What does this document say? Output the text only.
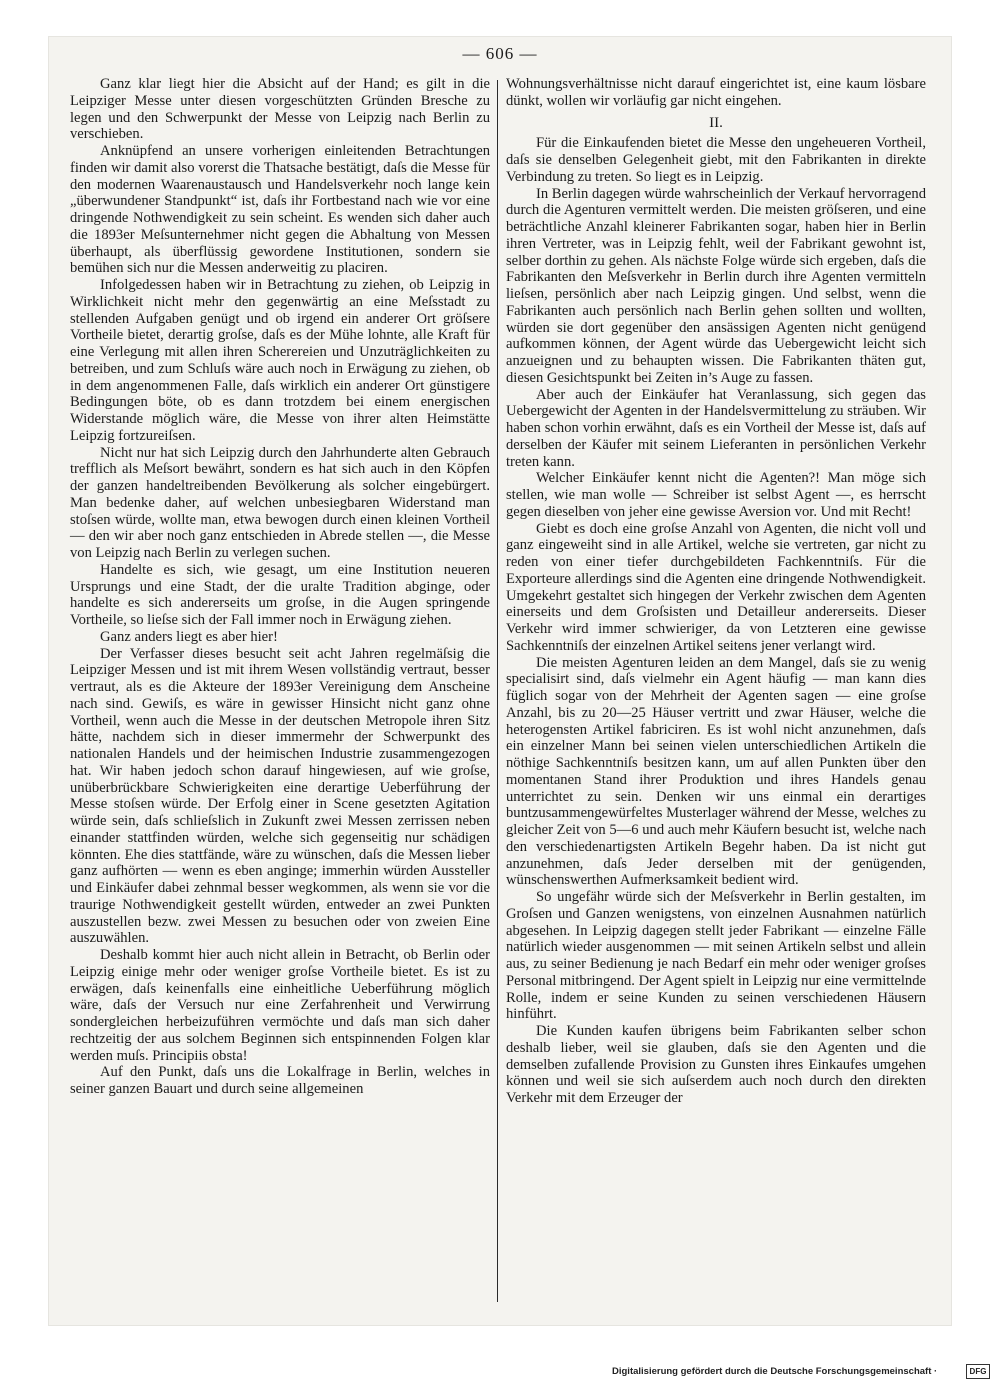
— 606 —

Ganz klar liegt hier die Absicht auf der Hand; es gilt in die Leipziger Messe unter diesen vorgeschützten Gründen Bresche zu legen und den Schwerpunkt der Messe von Leipzig nach Berlin zu verschieben.

Anknüpfend an unsere vorherigen einleitenden Betrachtungen finden wir damit also vorerst die Thatsache bestätigt, daſs die Messe für den modernen Waarenaustausch und Handelsverkehr noch lange kein „überwundener Standpunkt“ ist, daſs ihr Fortbestand nach wie vor eine dringende Nothwendigkeit zu sein scheint. Es wenden sich daher auch die 1893er Meſsunternehmer nicht gegen die Abhaltung von Messen überhaupt, als überflüssig gewordene Institutionen, sondern sie bemühen sich nur die Messen anderweitig zu placiren.

Infolgedessen haben wir in Betrachtung zu ziehen, ob Leipzig in Wirklichkeit nicht mehr den gegenwärtig an eine Meſsstadt zu stellenden Aufgaben genügt und ob irgend ein anderer Ort gröſsere Vortheile bietet, derartig groſse, daſs es der Mühe lohnte, alle Kraft für eine Verlegung mit allen ihren Scherereien und Unzuträglichkeiten zu betreiben, und zum Schluſs wäre auch noch in Erwägung zu ziehen, ob in dem angenommenen Falle, daſs wirklich ein anderer Ort günstigere Bedingungen böte, ob es dann trotzdem bei einem energischen Widerstande möglich wäre, die Messe von ihrer alten Heimstätte Leipzig fortzureiſsen.

Nicht nur hat sich Leipzig durch den Jahrhunderte alten Gebrauch trefflich als Meſsort bewährt, sondern es hat sich auch in den Köpfen der ganzen handeltreibenden Bevölkerung als solcher eingebürgert. Man bedenke daher, auf welchen unbesiegbaren Widerstand man stoſsen würde, wollte man, etwa bewogen durch einen kleinen Vortheil — den wir aber noch ganz entschieden in Abrede stellen —, die Messe von Leipzig nach Berlin zu verlegen suchen.

Handelte es sich, wie gesagt, um eine Institution neueren Ursprungs und eine Stadt, der die uralte Tradition abginge, oder handelte es sich andererseits um groſse, in die Augen springende Vortheile, so lieſse sich der Fall immer noch in Erwägung ziehen.

Ganz anders liegt es aber hier!

Der Verfasser dieses besucht seit acht Jahren regelmäſsig die Leipziger Messen und ist mit ihrem Wesen vollständig vertraut, besser vertraut, als es die Akteure der 1893er Vereinigung dem Anscheine nach sind. Gewiſs, es wäre in gewisser Hinsicht nicht ganz ohne Vortheil, wenn auch die Messe in der deutschen Metropole ihren Sitz hätte, nachdem sich in dieser immermehr der Schwerpunkt des nationalen Handels und der heimischen Industrie zusammengezogen hat. Wir haben jedoch schon darauf hingewiesen, auf wie groſse, unüberbrückbare Schwierigkeiten eine derartige Ueberführung der Messe stoſsen würde. Der Erfolg einer in Scene gesetzten Agitation würde sein, daſs schlieſslich in Zukunft zwei Messen zerrissen neben einander stattfinden würden, welche sich gegenseitig nur schädigen könnten. Ehe dies stattfände, wäre zu wünschen, daſs die Messen lieber ganz aufhörten — wenn es eben anginge; immerhin würden Aussteller und Einkäufer dabei zehnmal besser wegkommen, als wenn sie vor die traurige Nothwendigkeit gestellt würden, entweder an zwei Punkten auszustellen bezw. zwei Messen zu besuchen oder von zweien Eine auszuwählen.

Deshalb kommt hier auch nicht allein in Betracht, ob Berlin oder Leipzig einige mehr oder weniger groſse Vortheile bietet. Es ist zu erwägen, daſs keinenfalls eine einheitliche Ueberführung möglich wäre, daſs der Versuch nur eine Zerfahrenheit und Verwirrung sondergleichen herbeizuführen vermöchte und daſs man sich daher rechtzeitig der aus solchem Beginnen sich entspinnenden Folgen klar werden muſs. Principiis obsta!

Auf den Punkt, daſs uns die Lokalfrage in Berlin, welches in seiner ganzen Bauart und durch seine allgemeinen

Wohnungsverhältnisse nicht darauf eingerichtet ist, eine kaum lösbare dünkt, wollen wir vorläufig gar nicht eingehen.

II.

Für die Einkaufenden bietet die Messe den ungeheueren Vortheil, daſs sie denselben Gelegenheit giebt, mit den Fabrikanten in direkte Verbindung zu treten. So liegt es in Leipzig.

In Berlin dagegen würde wahrscheinlich der Verkauf hervorragend durch die Agenturen vermittelt werden. Die meisten gröſseren, und eine beträchtliche Anzahl kleinerer Fabrikanten sogar, haben hier in Berlin ihren Vertreter, was in Leipzig fehlt, weil der Fabrikant gewohnt ist, selber dorthin zu gehen. Als nächste Folge würde sich ergeben, daſs die Fabrikanten den Meſsverkehr in Berlin durch ihre Agenten vermitteln lieſsen, persönlich aber nach Leipzig gingen. Und selbst, wenn die Fabrikanten auch persönlich nach Berlin gehen sollten und wollten, würden sie dort gegenüber den ansässigen Agenten nicht genügend aufkommen können, der Agent würde das Uebergewicht leicht sich anzueignen und zu behaupten wissen. Die Fabrikanten thäten gut, diesen Gesichtspunkt bei Zeiten in’s Auge zu fassen.

Aber auch der Einkäufer hat Veranlassung, sich gegen das Uebergewicht der Agenten in der Handelsvermittelung zu sträuben. Wir haben schon vorhin erwähnt, daſs es ein Vortheil der Messe ist, daſs auf derselben der Käufer mit seinem Lieferanten in persönlichen Verkehr treten kann.

Welcher Einkäufer kennt nicht die Agenten?! Man möge sich stellen, wie man wolle — Schreiber ist selbst Agent —, es herrscht gegen dieselben von jeher eine gewisse Aversion vor. Und mit Recht!

Giebt es doch eine groſse Anzahl von Agenten, die nicht voll und ganz eingeweiht sind in alle Artikel, welche sie vertreten, gar nicht zu reden von einer tiefer durchgebildeten Fachkenntniſs. Für die Exporteure allerdings sind die Agenten eine dringende Nothwendigkeit. Umgekehrt gestaltet sich hingegen der Verkehr zwischen dem Agenten einerseits und dem Groſsisten und Detailleur andererseits. Dieser Verkehr wird immer schwieriger, da von Letzteren eine gewisse Sachkenntniſs der einzelnen Artikel seitens jener verlangt wird.

Die meisten Agenturen leiden an dem Mangel, daſs sie zu wenig specialisirt sind, daſs vielmehr ein Agent häufig — man kann dies füglich sogar von der Mehrheit der Agenten sagen — eine groſse Anzahl, bis zu 20—25 Häuser vertritt und zwar Häuser, welche die heterogensten Artikel fabriciren. Es ist wohl nicht anzunehmen, daſs ein einzelner Mann bei seinen vielen unterschiedlichen Artikeln die nöthige Sachkenntniſs besitzen kann, um auf allen Punkten über den momentanen Stand ihrer Produktion und ihres Handels genau unterrichtet zu sein. Denken wir uns einmal ein derartiges buntzusammengewürfeltes Musterlager während der Messe, welches zu gleicher Zeit von 5—6 und auch mehr Käufern besucht ist, welche nach den verschiedenartigsten Artikeln Begehr haben. Da ist nicht gut anzunehmen, daſs Jeder derselben mit der genügenden, wünschenswerthen Aufmerksamkeit bedient wird.

So ungefähr würde sich der Meſsverkehr in Berlin gestalten, im Groſsen und Ganzen wenigstens, von einzelnen Ausnahmen natürlich abgesehen. In Leipzig dagegen stellt jeder Fabrikant — einzelne Fälle natürlich wieder ausgenommen — mit seinen Artikeln selbst und allein aus, zu seiner Bedienung je nach Bedarf ein mehr oder weniger groſses Personal mitbringend. Der Agent spielt in Leipzig nur eine vermittelnde Rolle, indem er seine Kunden zu seinen verschiedenen Häusern hinführt.

Die Kunden kaufen übrigens beim Fabrikanten selber schon deshalb lieber, weil sie glauben, daſs sie den Agenten und die demselben zufallende Provision zu Gunsten ihres Einkaufes umgehen können und weil sie sich auſserdem auch noch durch den direkten Verkehr mit dem Erzeuger der

Digitalisierung gefördert durch die Deutsche Forschungsgemeinschaft ·	DFG
